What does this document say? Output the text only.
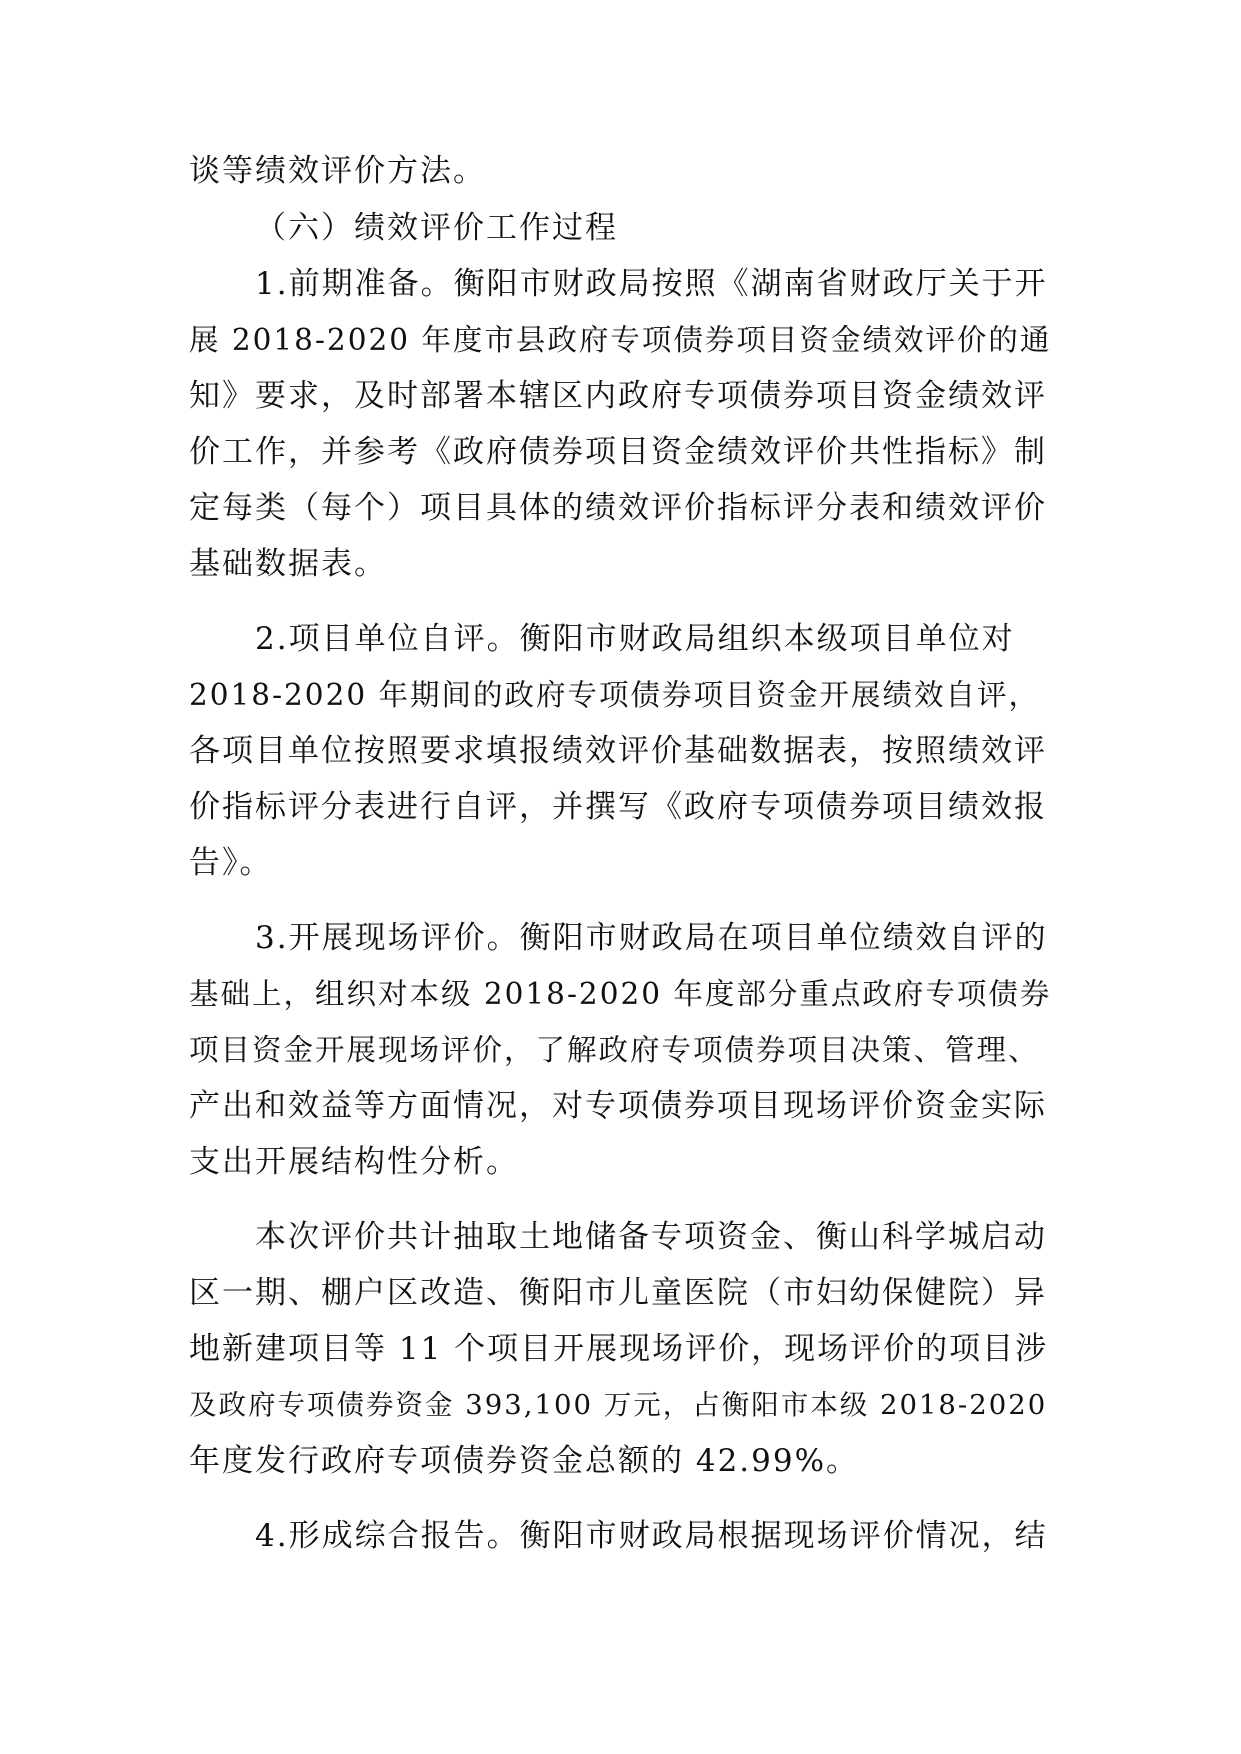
谈等绩效评价方法。
（六）绩效评价工作过程
1.前期准备。衡阳市财政局按照《湖南省财政厅关于开
展 2018-2020 年度市县政府专项债券项目资金绩效评价的通
知》要求，及时部署本辖区内政府专项债券项目资金绩效评
价工作，并参考《政府债券项目资金绩效评价共性指标》制
定每类（每个）项目具体的绩效评价指标评分表和绩效评价
基础数据表。
2.项目单位自评。衡阳市财政局组织本级项目单位对
2018-2020 年期间的政府专项债券项目资金开展绩效自评，
各项目单位按照要求填报绩效评价基础数据表，按照绩效评
价指标评分表进行自评，并撰写《政府专项债券项目绩效报
告》。
3.开展现场评价。衡阳市财政局在项目单位绩效自评的
基础上，组织对本级 2018-2020 年度部分重点政府专项债券
项目资金开展现场评价，了解政府专项债券项目决策、管理、
产出和效益等方面情况，对专项债券项目现场评价资金实际
支出开展结构性分析。
本次评价共计抽取土地储备专项资金、衡山科学城启动
区一期、棚户区改造、衡阳市儿童医院（市妇幼保健院）异
地新建项目等 11 个项目开展现场评价，现场评价的项目涉
及政府专项债券资金 393,100 万元，占衡阳市本级 2018-2020
年度发行政府专项债券资金总额的 42.99%。
4.形成综合报告。衡阳市财政局根据现场评价情况，结
